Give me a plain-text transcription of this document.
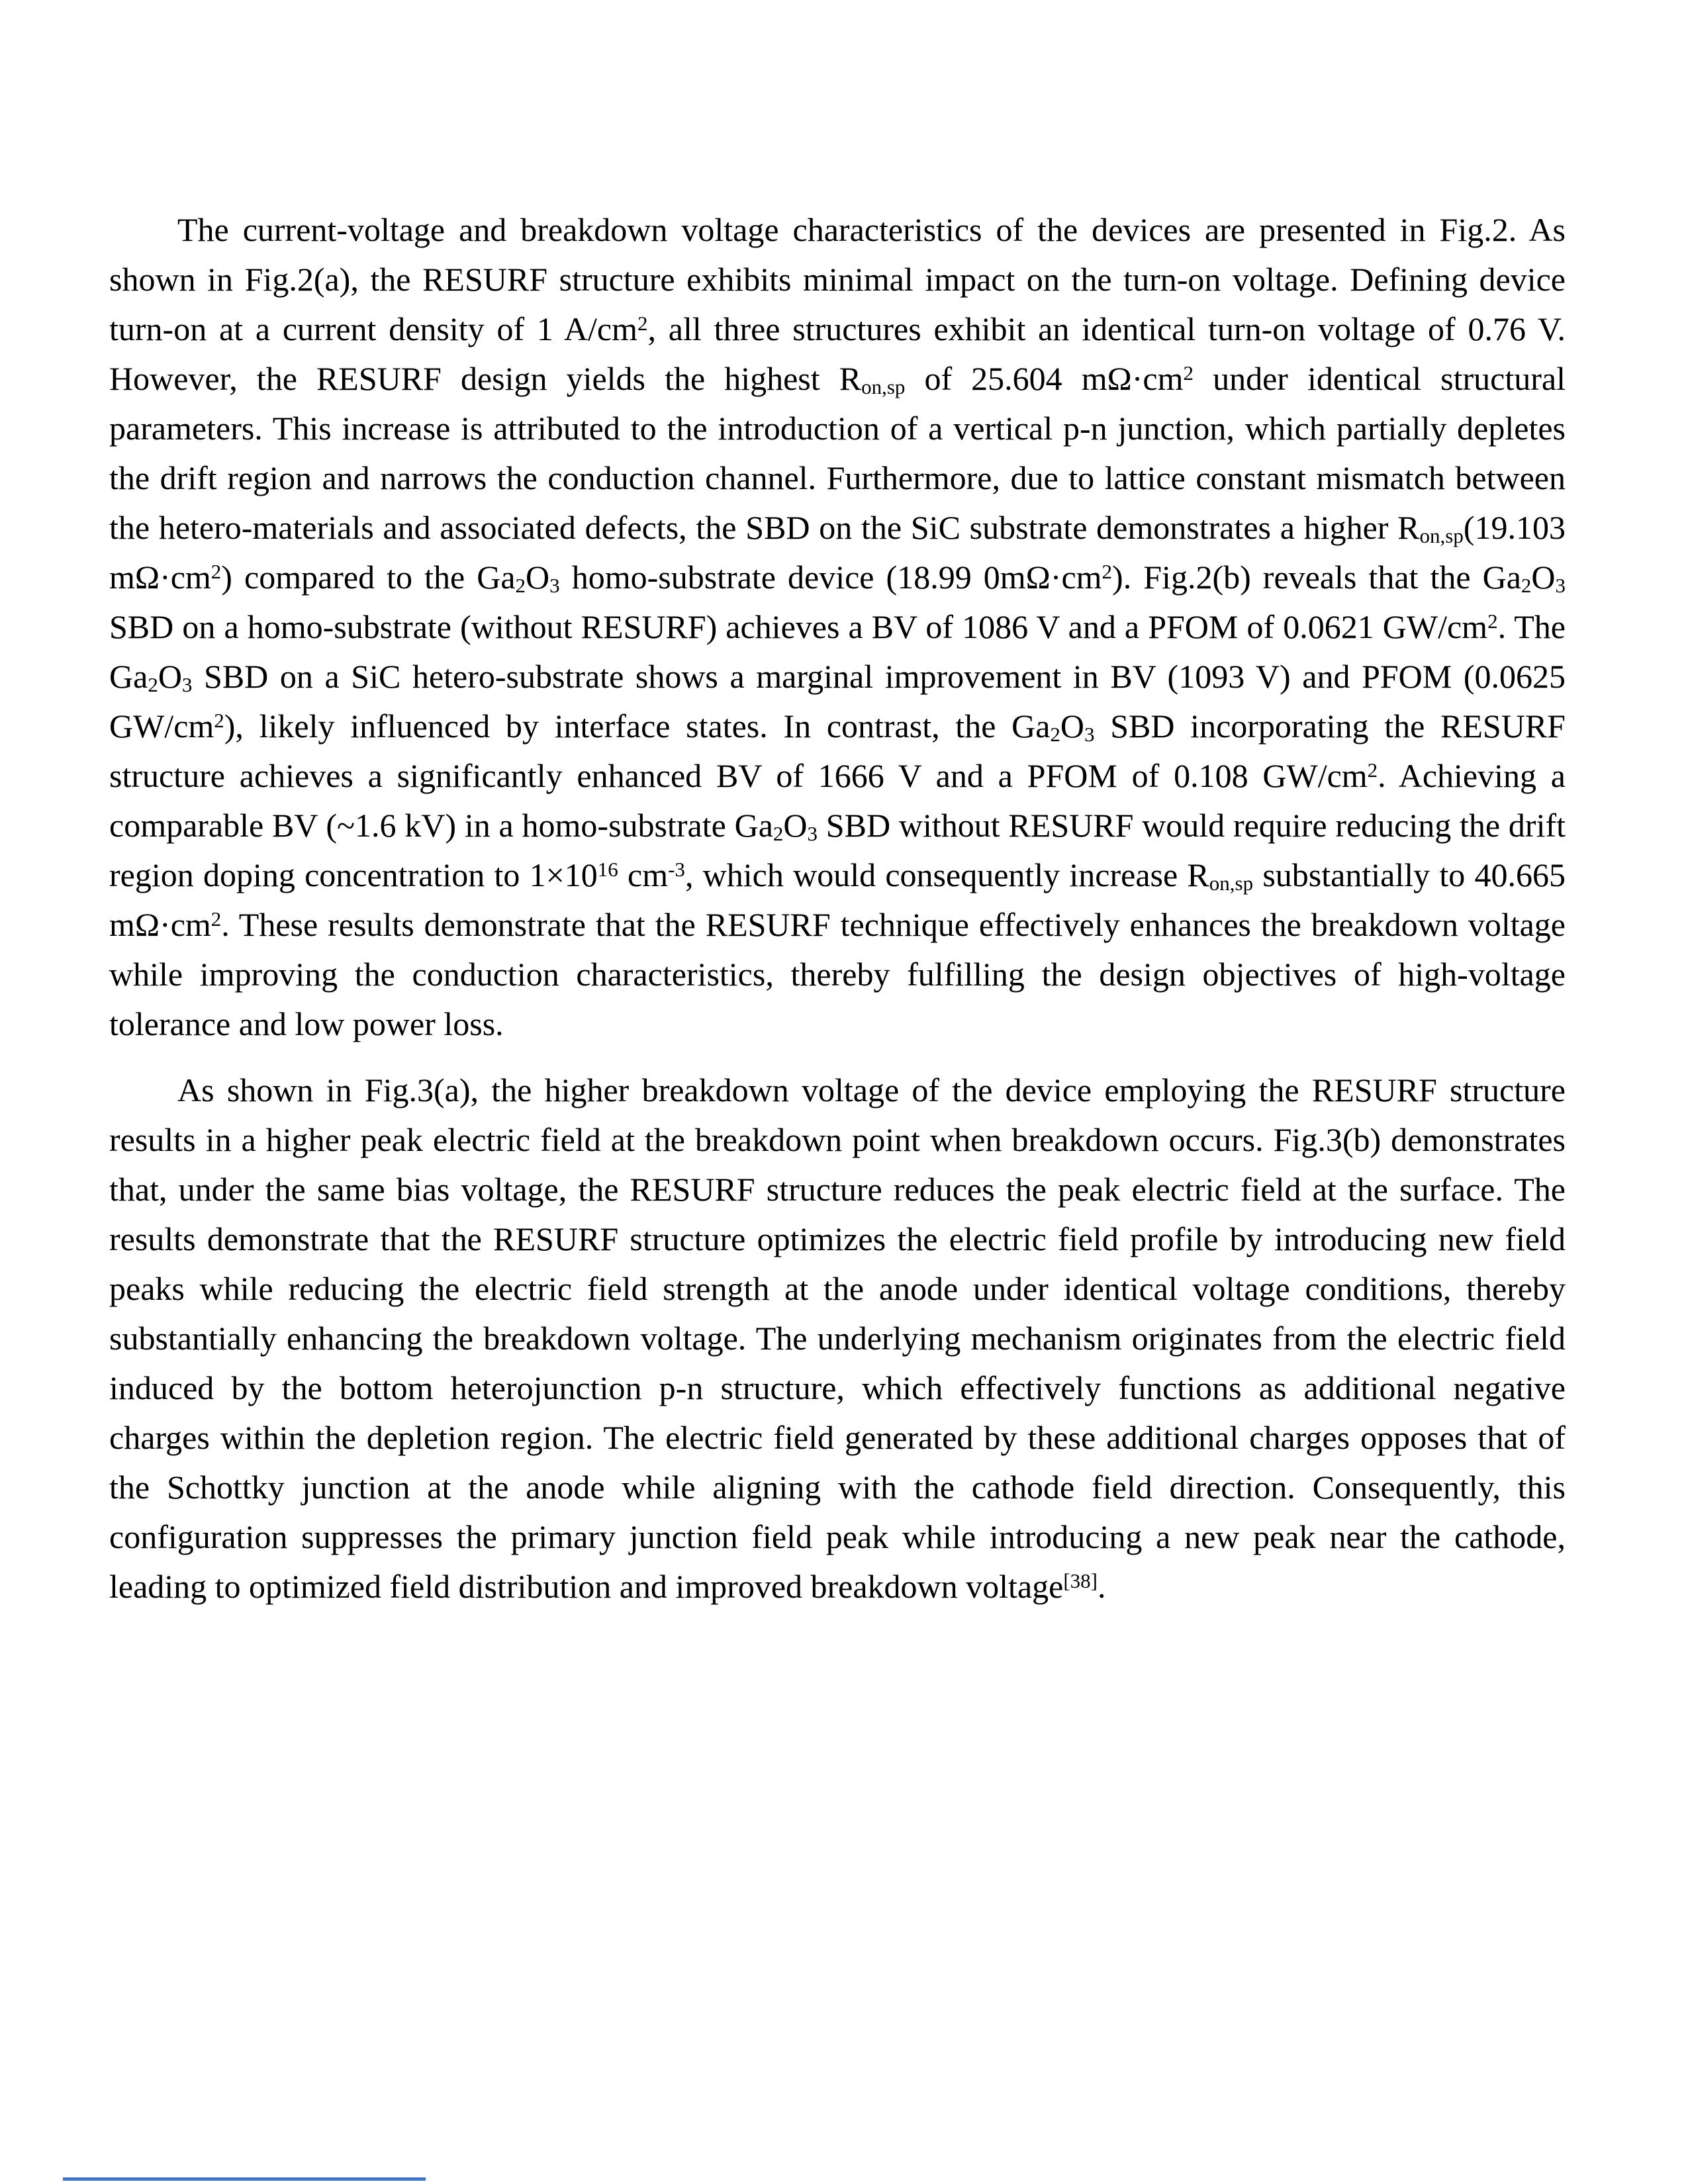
The current-voltage and breakdown voltage characteristics of the devices are presented in Fig.2. As shown in Fig.2(a), the RESURF structure exhibits minimal impact on the turn-on voltage. Defining device turn-on at a current density of 1 $A/cm^2$, all three structures exhibit an identical turn-on voltage of 0.76 V. However, the RESURF design yields the highest $R_{on,sp}$ of 25.604 $m\Omega\cdot cm^2$ under identical structural parameters. This increase is attributed to the introduction of a vertical p-n junction, which partially depletes the drift region and narrows the conduction channel. Furthermore, due to lattice constant mismatch between the hetero-materials and associated defects, the SBD on the SiC substrate demonstrates a higher $R_{on,sp}(19.103$ $m\Omega\cdot cm^2$) compared to the $Ga_2O_3$ homo-substrate device (18.99 $0m\Omega\cdot cm^2$). Fig.2(b) reveals that the $Ga_2O_3$ SBD on a homo-substrate (without RESURF) achieves a BV of 1086 V and a PFOM of 0.0621 $GW/cm^2$. The $Ga_2O_3$ SBD on a SiC hetero-substrate shows a marginal improvement in BV (1093 V) and PFOM (0.0625 $GW/cm^2$), likely influenced by interface states. In contrast, the $Ga_2O_3$ SBD incorporating the RESURF structure achieves a significantly enhanced BV of 1666 V and a PFOM of 0.108 $GW/cm^2$. Achieving a comparable BV (~1.6 kV) in a homo-substrate $Ga_2O_3$ SBD without RESURF would require reducing the drift region doping concentration to $1\times 10^{16}$ $cm^{-3}$, which would consequently increase $R_{on,sp}$ substantially to 40.665 $m\Omega\cdot cm^2$. These results demonstrate that the RESURF technique effectively enhances the breakdown voltage while improving the conduction characteristics, thereby fulfilling the design objectives of high-voltage tolerance and low power loss.

As shown in Fig.3(a), the higher breakdown voltage of the device employing the RESURF structure results in a higher peak electric field at the breakdown point when breakdown occurs. Fig.3(b) demonstrates that, under the same bias voltage, the RESURF structure reduces the peak electric field at the surface. The results demonstrate that the RESURF structure optimizes the electric field profile by introducing new field peaks while reducing the electric field strength at the anode under identical voltage conditions, thereby substantially enhancing the breakdown voltage. The underlying mechanism originates from the electric field induced by the bottom heterojunction p-n structure, which effectively functions as additional negative charges within the depletion region. The electric field generated by these additional charges opposes that of the Schottky junction at the anode while aligning with the cathode field direction. Consequently, this configuration suppresses the primary junction field peak while introducing a new peak near the cathode, leading to optimized field distribution and improved breakdown voltage[38].
